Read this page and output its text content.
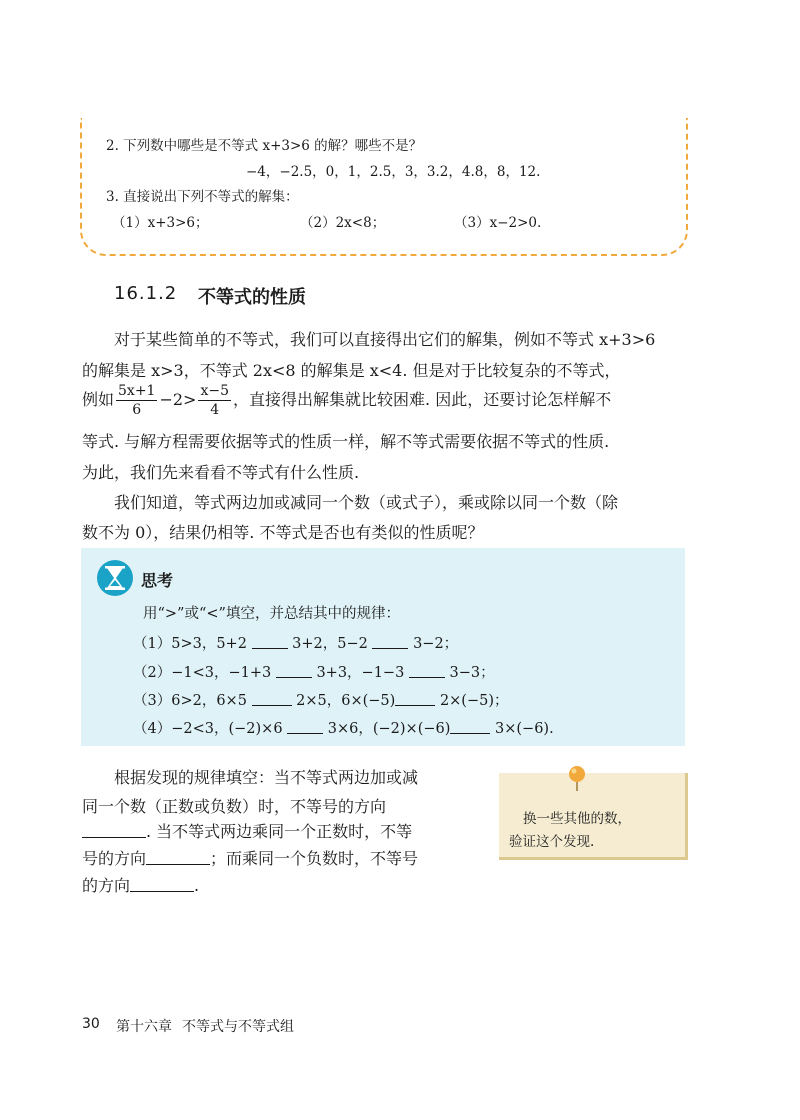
2. 下列数中哪些是不等式 x+3>6 的解？哪些不是？
−4，−2.5，0，1，2.5，3，3.2，4.8，8，12.
3. 直接说出下列不等式的解集：
（1）x+3>6；	（2）2x<8；	（3）x−2>0.
16.1.2 不等式的性质
对于某些简单的不等式，我们可以直接得出它们的解集，例如不等式 x+3>6
的解集是 x>3，不等式 2x<8 的解集是 x<4. 但是对于比较复杂的不等式，
例如 $\frac{5x+1}{6} -2> \frac{x-5}{4}$ ，直接得出解集就比较困难. 因此，还要讨论怎样解不
等式. 与解方程需要依据等式的性质一样，解不等式需要依据不等式的性质.
为此，我们先来看看不等式有什么性质.
我们知道，等式两边加或减同一个数（或式子），乘或除以同一个数（除
数不为 0），结果仍相等. 不等式是否也有类似的性质呢？
思考
用“>”或“<”填空，并总结其中的规律：
（1）5>3，5+2	3+2，5−2	3−2；
（2）−1<3，−1+3	3+3，−1−3	3−3；
（3）6>2，6×5	2×5，6×(−5)	2×(−5)；
（4）−2<3，(−2)×6	3×6，(−2)×(−6)	3×(−6).
根据发现的规律填空：当不等式两边加或减
同一个数（正数或负数）时，不等号的方向
. 当不等式两边乘同一个正数时，不等
号的方向	；而乘同一个负数时，不等号
的方向	.
换一些其他的数，
验证这个发现.
30 第十六章 不等式与不等式组
